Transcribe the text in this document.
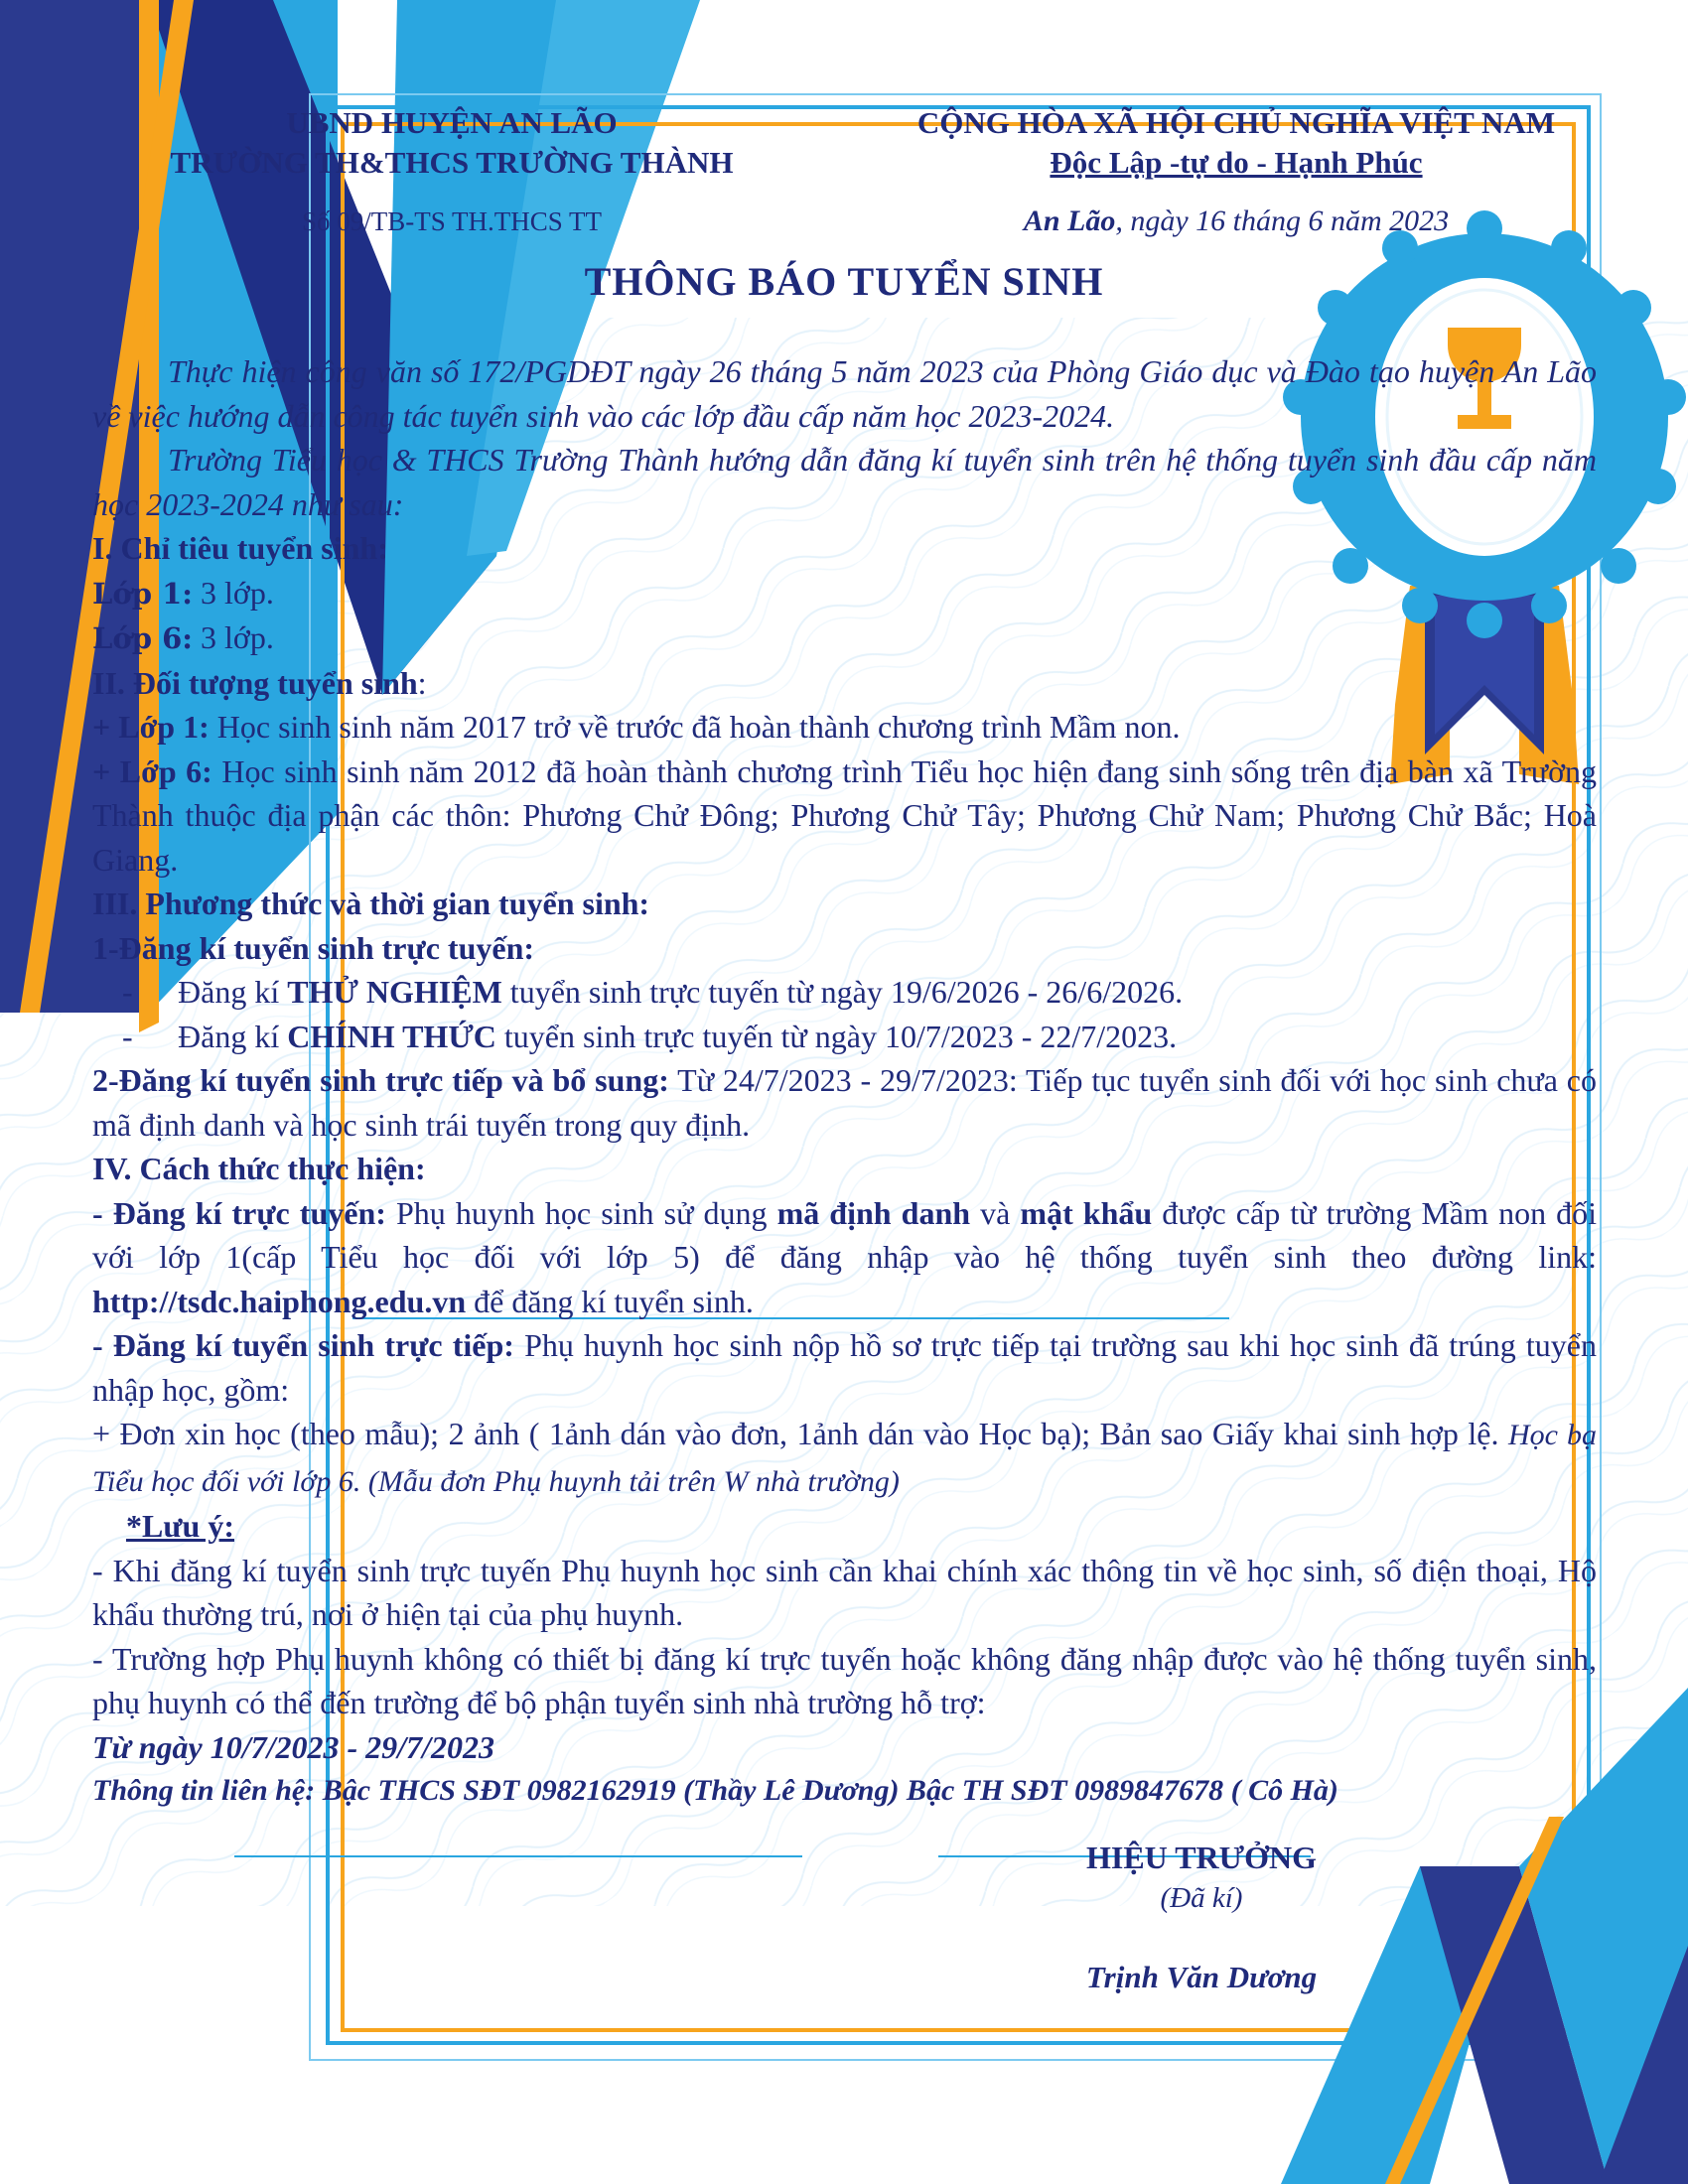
UBND HUYỆN AN LÃO
TRƯỜNG TH&THCS TRƯỜNG THÀNH
Số 09/TB-TS TH.THCS TT
CỘNG HÒA XÃ HỘI CHỦ NGHĨA VIỆT NAM
Độc Lập -tự do - Hạnh Phúc
An Lão, ngày 16 tháng 6 năm 2023
THÔNG BÁO TUYỂN SINH

Thực hiện công văn số 172/PGDĐT ngày 26 tháng 5 năm 2023 của Phòng Giáo dục và Đào tạo huyện An Lão về việc hướng dẫn công tác tuyển sinh vào các lớp đầu cấp năm học 2023-2024.

Trường Tiểu học & THCS Trường Thành hướng dẫn đăng kí tuyển sinh trên hệ thống tuyển sinh đầu cấp năm học 2023-2024 như sau:

I. Chỉ tiêu tuyển sinh:

Lớp 1: 3 lớp.

Lớp 6: 3 lớp.

II. Đối tượng tuyển sinh:

+ Lớp 1: Học sinh sinh năm 2017 trở về trước đã hoàn thành chương trình Mầm non.

+ Lớp 6: Học sinh sinh năm 2012 đã hoàn thành chương trình Tiểu học hiện đang sinh sống trên địa bàn xã Trường Thành thuộc địa phận các thôn: Phương Chử Đông; Phương Chử Tây; Phương Chử Nam; Phương Chử Bắc; Hoà Giang.

III. Phương thức và thời gian tuyển sinh:

1-Đăng kí tuyển sinh trực tuyến:

- Đăng kí THỬ NGHIỆM tuyển sinh trực tuyến từ ngày 19/6/2026 - 26/6/2026.

- Đăng kí CHÍNH THỨC tuyển sinh trực tuyến từ ngày 10/7/2023 - 22/7/2023.

2-Đăng kí tuyển sinh trực tiếp và bổ sung: Từ 24/7/2023 - 29/7/2023: Tiếp tục tuyển sinh đối với học sinh chưa có mã định danh và học sinh trái tuyến trong quy định.

IV. Cách thức thực hiện:

- Đăng kí trực tuyến: Phụ huynh học sinh sử dụng mã định danh và mật khẩu được cấp từ trường Mầm non đối với lớp 1(cấp Tiểu học đối với lớp 5) để đăng nhập vào hệ thống tuyển sinh theo đường link: http://tsdc.haiphong.edu.vn để đăng kí tuyển sinh.

- Đăng kí tuyển sinh trực tiếp: Phụ huynh học sinh nộp hồ sơ trực tiếp tại trường sau khi học sinh đã trúng tuyển nhập học, gồm:

+ Đơn xin học (theo mẫu); 2 ảnh ( 1ảnh dán vào đơn, 1ảnh dán vào Học bạ); Bản sao Giấy khai sinh hợp lệ. Học bạ Tiểu học đối với lớp 6. (Mẫu đơn Phụ huynh tải trên W nhà trường)

*Lưu ý:

- Khi đăng kí tuyển sinh trực tuyến Phụ huynh học sinh cần khai chính xác thông tin về học sinh, số điện thoại, Hộ khẩu thường trú, nơi ở hiện tại của phụ huynh.

- Trường hợp Phụ huynh không có thiết bị đăng kí trực tuyến hoặc không đăng nhập được vào hệ thống tuyển sinh, phụ huynh có thể đến trường để bộ phận tuyển sinh nhà trường hỗ trợ:

Từ ngày 10/7/2023 - 29/7/2023

Thông tin liên hệ: Bậc THCS SĐT 0982162919 (Thầy Lê Dương) Bậc TH SĐT 0989847678 ( Cô Hà)

HIỆU TRƯỞNG
(Đã kí)
Trịnh Văn Dương
